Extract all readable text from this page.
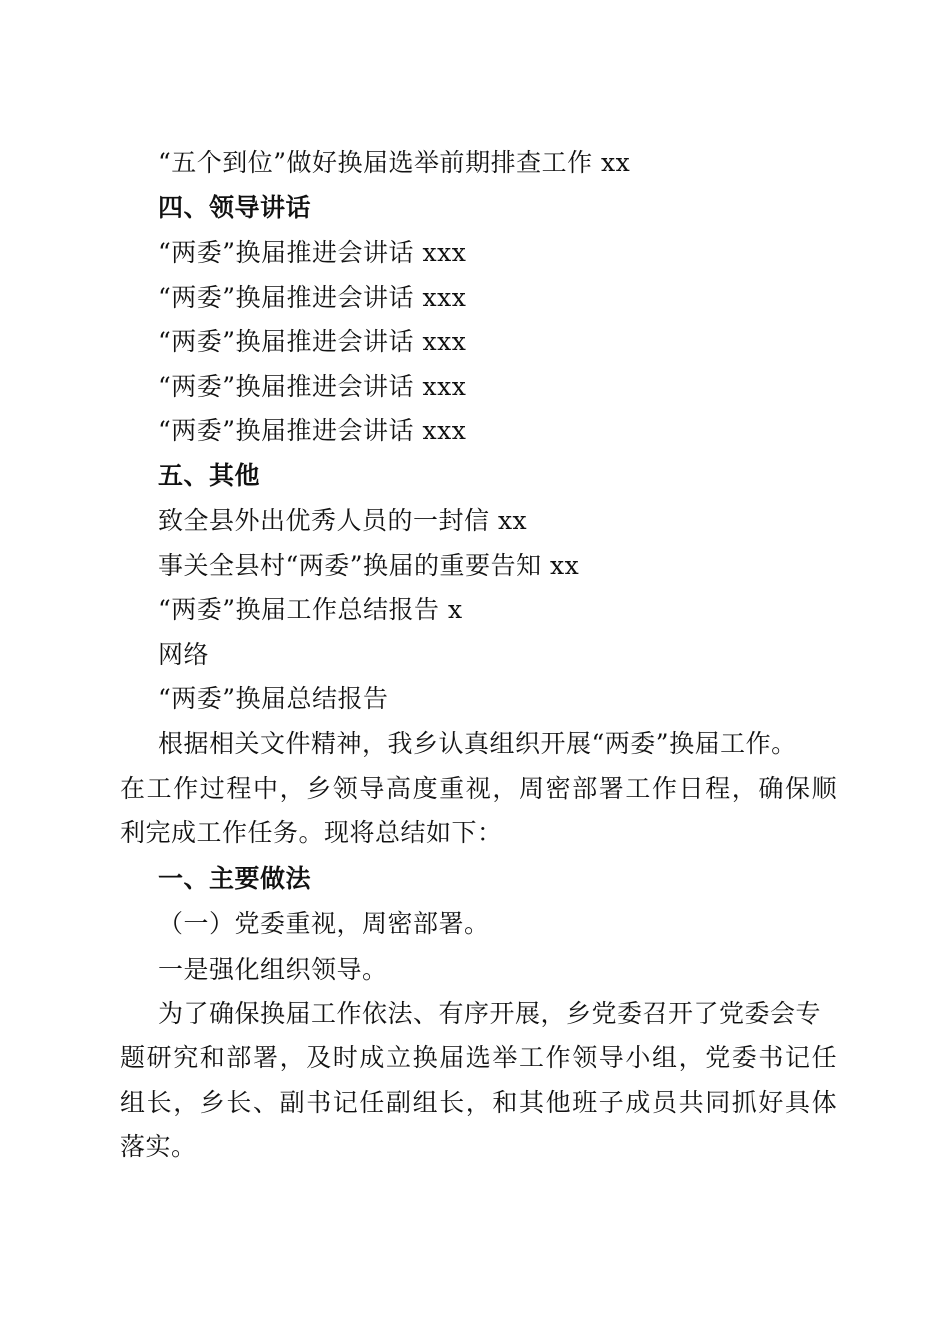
“五个到位”做好换届选举前期排查工作 xx
四、领导讲话
“两委”换届推进会讲话 xxx
“两委”换届推进会讲话 xxx
“两委”换届推进会讲话 xxx
“两委”换届推进会讲话 xxx
“两委”换届推进会讲话 xxx
五、其他
致全县外出优秀人员的一封信 xx
事关全县村“两委”换届的重要告知 xx
“两委”换届工作总结报告 x
网络
“两委”换届总结报告
根据相关文件精神，我乡认真组织开展“两委”换届工作。
在工作过程中，乡领导高度重视，周密部署工作日程，确保顺
利完成工作任务。现将总结如下：
一、主要做法
（一）党委重视，周密部署。
一是强化组织领导。
为了确保换届工作依法、有序开展，乡党委召开了党委会专
题研究和部署，及时成立换届选举工作领导小组，党委书记任
组长，乡长、副书记任副组长，和其他班子成员共同抓好具体
落实。
